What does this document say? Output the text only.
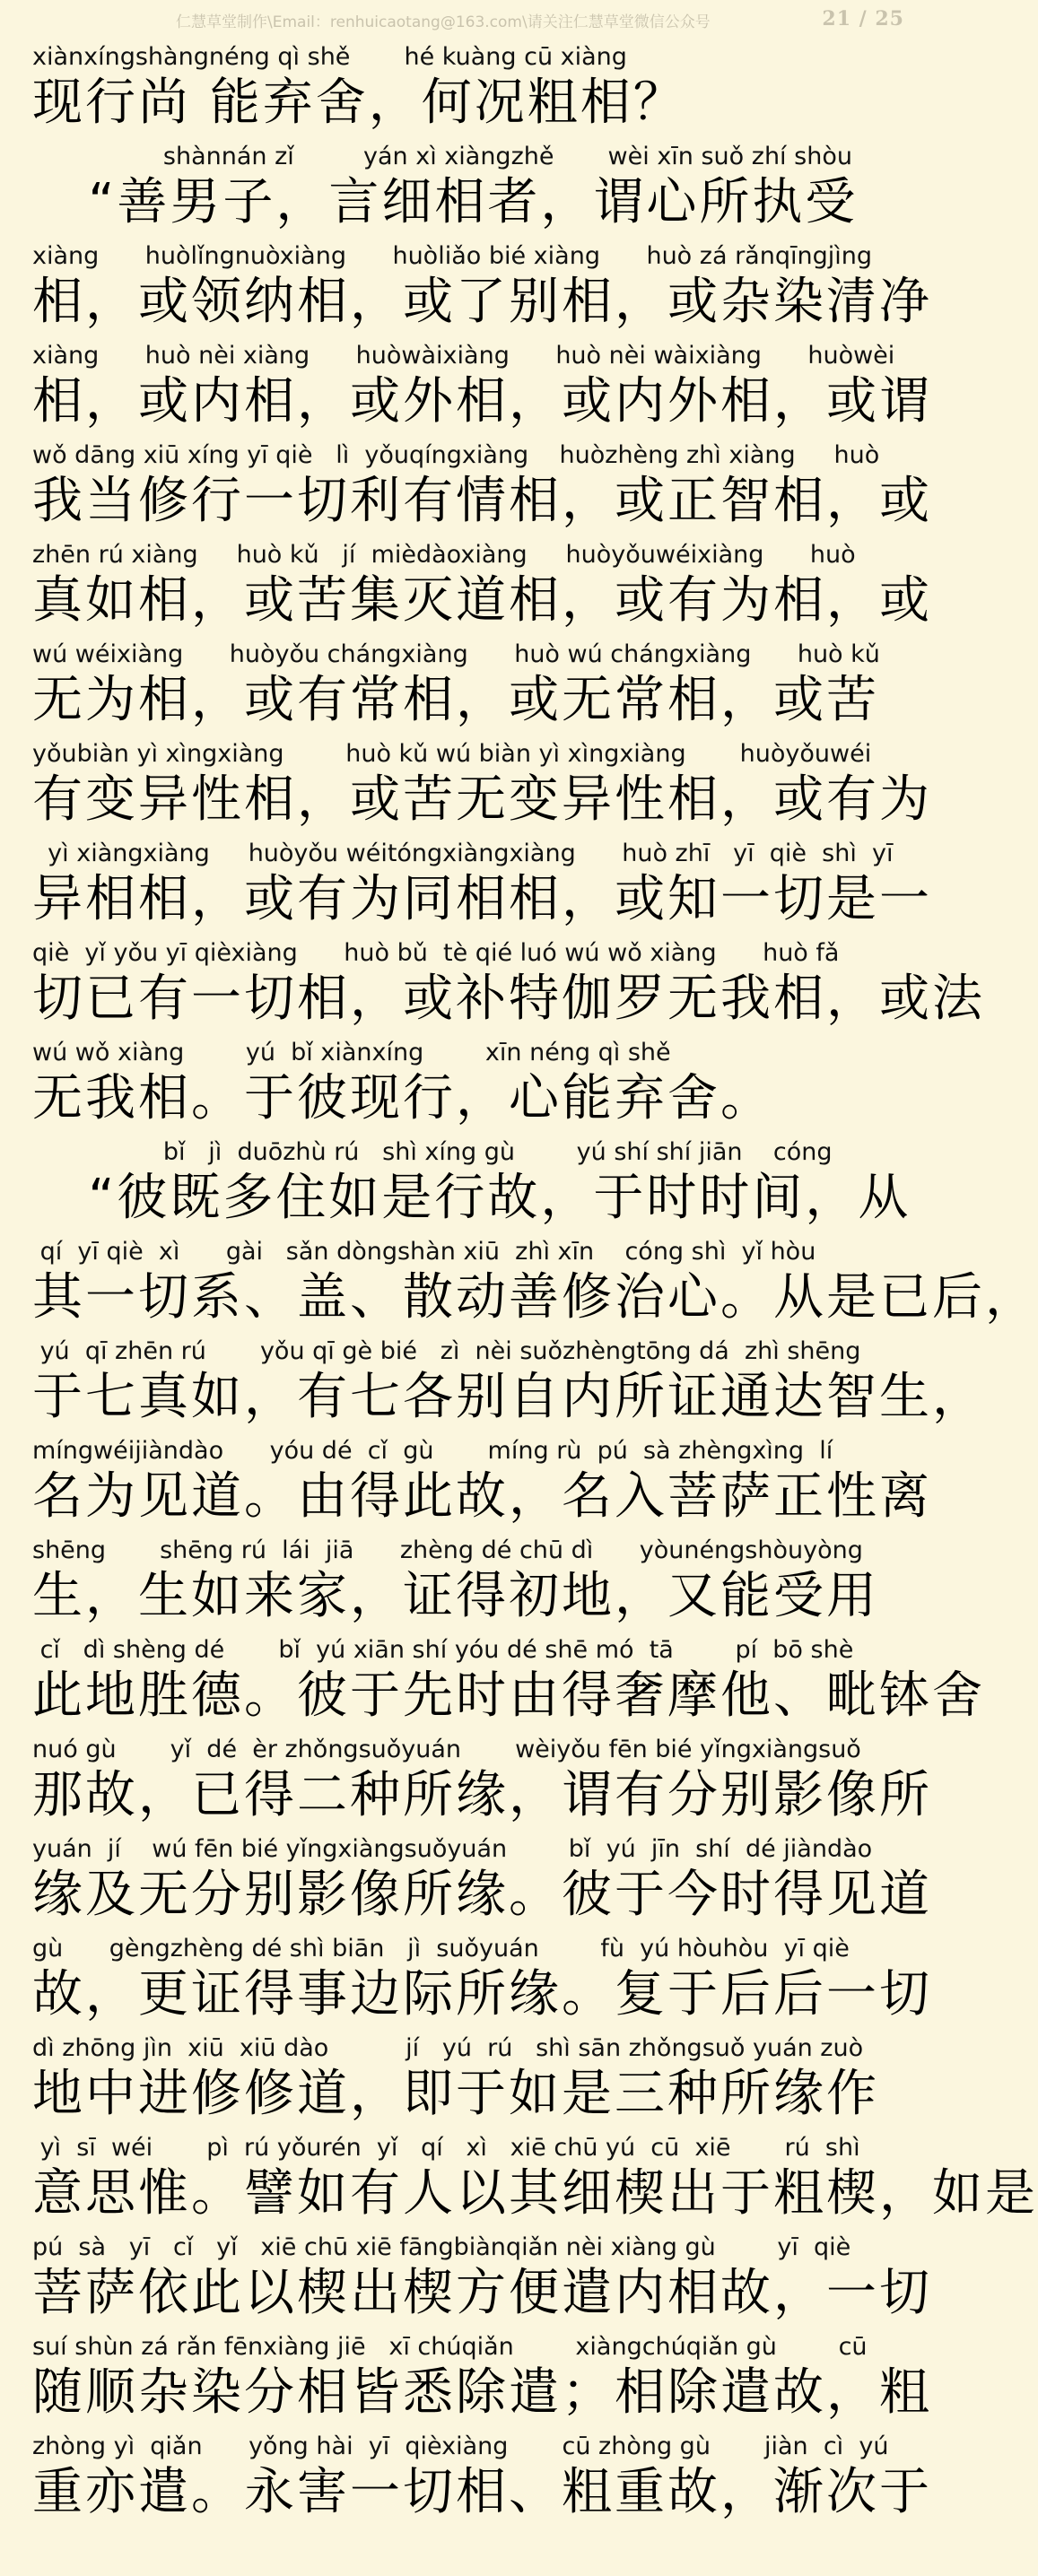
仁慧草堂制作\Email：renhuicaotang@163.com\请关注仁慧草堂微信公众号	21 / 25
xiànxíngshàngnéng qì shě       hé kuàng cū xiàng
现行尚 能弃舍，何况粗相？
shànnán zǐ         yán xì xiàngzhě       wèi xīn suǒ zhí shòu
“善男子，言细相者，谓心所执受
xiàng      huòlǐngnuòxiàng      huòliǎo bié xiàng      huò zá rǎnqīngjìng
相，或领纳相，或了别相，或杂染清净
xiàng      huò nèi xiàng      huòwàixiàng      huò nèi wàixiàng      huòwèi
相，或内相，或外相，或内外相，或谓
wǒ dāng xiū xíng yī qiè   lì  yǒuqíngxiàng    huòzhèng zhì xiàng     huò
我当修行一切利有情相，或正智相，或
zhēn rú xiàng     huò kǔ   jí  mièdàoxiàng     huòyǒuwéixiàng      huò
真如相，或苦集灭道相，或有为相，或
wú wéixiàng      huòyǒu chángxiàng      huò wú chángxiàng      huò kǔ
无为相，或有常相，或无常相，或苦
yǒubiàn yì xìngxiàng        huò kǔ wú biàn yì xìngxiàng       huòyǒuwéi
有变异性相，或苦无变异性相，或有为
yì xiàngxiàng     huòyǒu wéitóngxiàngxiàng      huò zhī   yī  qiè  shì  yī
异相相，或有为同相相，或知一切是一
qiè  yǐ yǒu yī qièxiàng      huò bǔ  tè qié luó wú wǒ xiàng      huò fǎ
切已有一切相，或补特伽罗无我相，或法
wú wǒ xiàng        yú  bǐ xiànxíng        xīn néng qì shě
无我相。于彼现行，心能弃舍。
bǐ   jì  duōzhù rú   shì xíng gù        yú shí shí jiān    cóng
“彼既多住如是行故，于时时间，从
qí  yī qiè  xì      gài   sǎn dòngshàn xiū  zhì xīn    cóng shì  yǐ hòu
其一切系、盖、散动善修治心。从是已后，
yú  qī zhēn rú       yǒu qī gè bié   zì  nèi suǒzhèngtōng dá  zhì shēng
于七真如，有七各别自内所证通达智生，
míngwéijiàndào      yóu dé  cǐ  gù       míng rù  pú  sà zhèngxìng  lí
名为见道。由得此故，名入菩萨正性离
shēng       shēng rú  lái  jiā      zhèng dé chū dì      yòunéngshòuyòng
生，生如来家，证得初地，又能受用
cǐ   dì shèng dé       bǐ  yú xiān shí yóu dé shē mó  tā        pí  bō shè
此地胜德。彼于先时由得奢摩他、毗钵舍
nuó gù       yǐ  dé  èr zhǒngsuǒyuán       wèiyǒu fēn bié yǐngxiàngsuǒ
那故，已得二种所缘，谓有分别影像所
yuán  jí    wú fēn bié yǐngxiàngsuǒyuán        bǐ  yú  jīn  shí  dé jiàndào
缘及无分别影像所缘。彼于今时得见道
gù      gèngzhèng dé shì biān   jì  suǒyuán        fù  yú hòuhòu  yī qiè
故，更证得事边际所缘。复于后后一切
dì zhōng jìn  xiū  xiū dào          jí   yú  rú   shì sān zhǒngsuǒ yuán zuò
地中进修修道，即于如是三种所缘作
yì  sī  wéi       pì  rú yǒurén  yǐ   qí   xì   xiē chū yú  cū  xiē       rú  shì
意思惟。譬如有人以其细楔出于粗楔，如是
pú  sà   yī   cǐ   yǐ   xiē chū xiē fāngbiànqiǎn nèi xiàng gù        yī  qiè
菩萨依此以楔出楔方便遣内相故，一切
suí shùn zá rǎn fēnxiàng jiē   xī chúqiǎn        xiàngchúqiǎn gù        cū
随顺杂染分相皆悉除遣；相除遣故，粗
zhòng yì  qiǎn      yǒng hài  yī  qièxiàng       cū zhòng gù       jiàn  cì  yú
重亦遣。永害一切相、粗重故，渐次于
